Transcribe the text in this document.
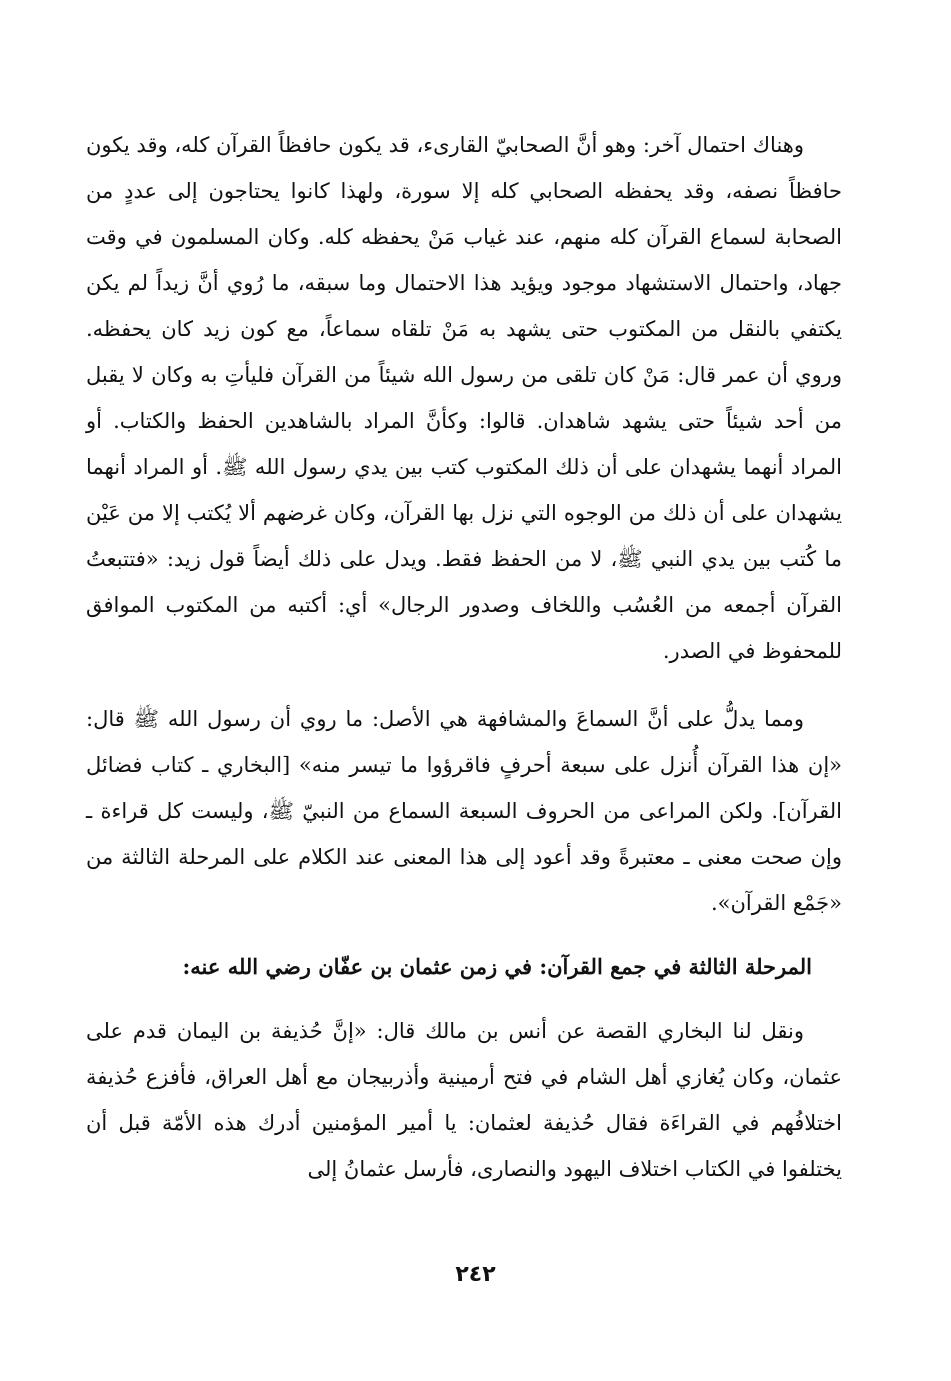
وهناك احتمال آخر: وهو أنَّ الصحابيّ القارىء، قد يكون حافظاً القرآن كله، وقد يكون حافظاً نصفه، وقد يحفظه الصحابي كله إلا سورة، ولهذا كانوا يحتاجون إلى عددٍ من الصحابة لسماع القرآن كله منهم، عند غياب مَنْ يحفظه كله. وكان المسلمون في وقت جهاد، واحتمال الاستشهاد موجود ويؤيد هذا الاحتمال وما سبقه، ما رُوي أنَّ زيداً لم يكن يكتفي بالنقل من المكتوب حتى يشهد به مَنْ تلقاه سماعاً، مع كون زيد كان يحفظه. وروي أن عمر قال: مَنْ كان تلقى من رسول الله شيئاً من القرآن فليأتِ به وكان لا يقبل من أحد شيئاً حتى يشهد شاهدان. قالوا: وكأنَّ المراد بالشاهدين الحفظ والكتاب. أو المراد أنهما يشهدان على أن ذلك المكتوب كتب بين يدي رسول الله ﷺ. أو المراد أنهما يشهدان على أن ذلك من الوجوه التي نزل بها القرآن، وكان غرضهم ألا يُكتب إلا من عَيْن ما كُتب بين يدي النبي ﷺ، لا من الحفظ فقط. ويدل على ذلك أيضاً قول زيد: «فتتبعتُ القرآن أجمعه من العُسُب واللخاف وصدور الرجال» أي: أكتبه من المكتوب الموافق للمحفوظ في الصدر.

ومما يدلُّ على أنَّ السماعَ والمشافهة هي الأصل: ما روي أن رسول الله ﷺ قال: «إن هذا القرآن أُنزل على سبعة أحرفٍ فاقرؤوا ما تيسر منه» [البخاري ـ كتاب فضائل القرآن]. ولكن المراعى من الحروف السبعة السماع من النبيّ ﷺ، وليست كل قراءة ـ وإن صحت معنى ـ معتبرةً وقد أعود إلى هذا المعنى عند الكلام على المرحلة الثالثة من «جَمْع القرآن».

المرحلة الثالثة في جمع القرآن: في زمن عثمان بن عفّان رضي الله عنه:

ونقل لنا البخاري القصة عن أنس بن مالك قال: «إنَّ حُذيفة بن اليمان قدم على عثمان، وكان يُغازي أهل الشام في فتح أرمينية وأذربيجان مع أهل العراق، فأفزع حُذيفة اختلافُهم في القراءَة فقال حُذيفة لعثمان: يا أمير المؤمنين أدرك هذه الأمّة قبل أن يختلفوا في الكتاب اختلاف اليهود والنصارى، فأرسل عثمانُ إلى

٢٤٢
